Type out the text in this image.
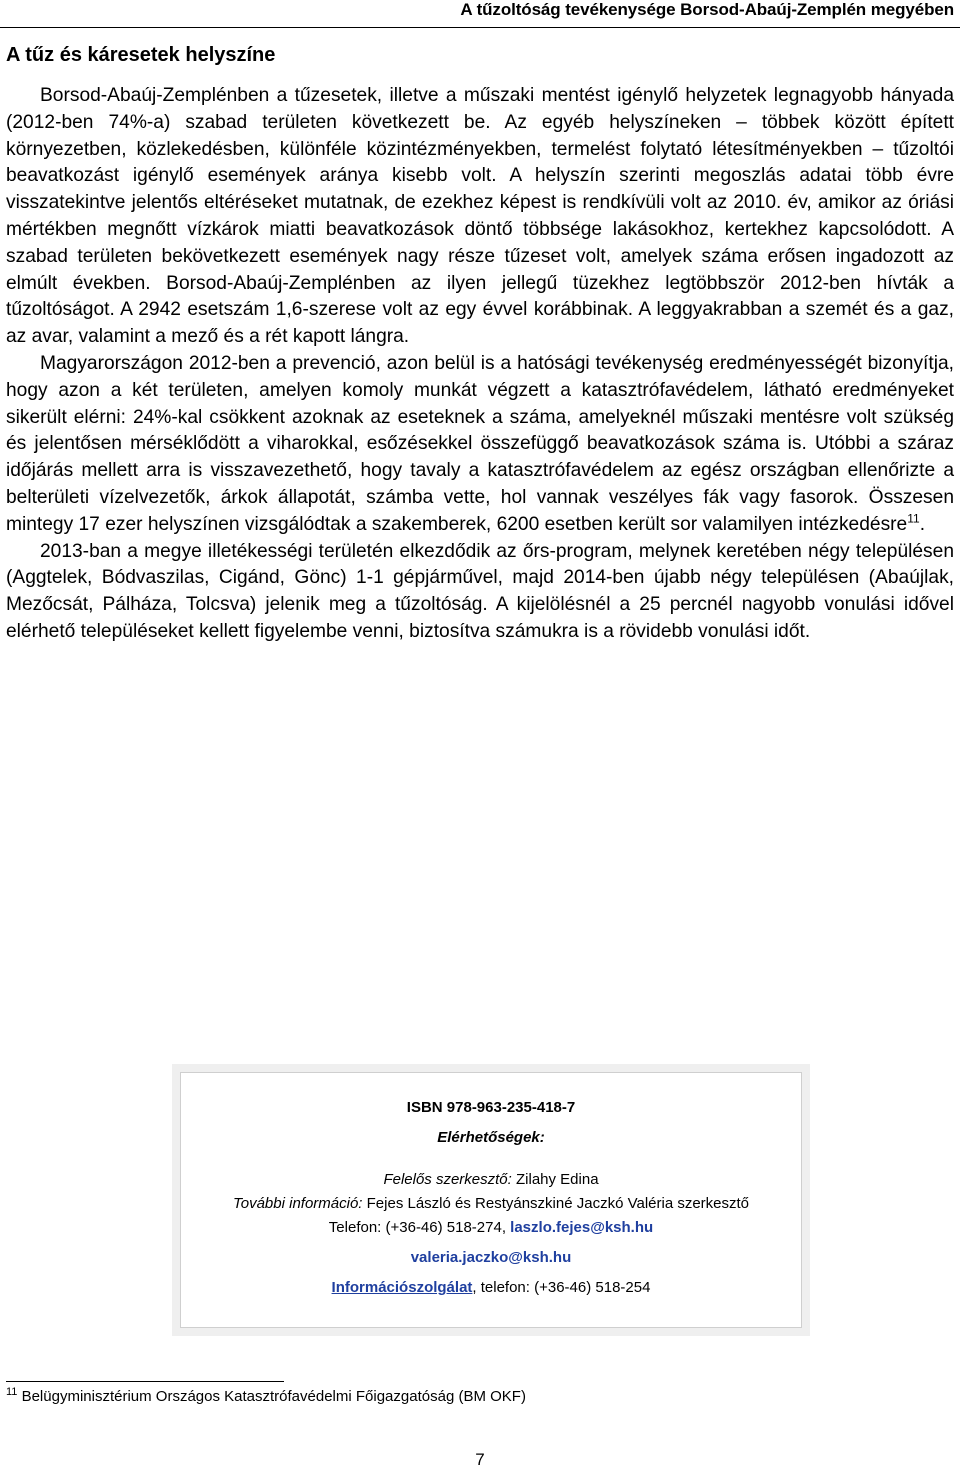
A tűzoltóság tevékenysége Borsod-Abaúj-Zemplén megyében
A tűz és káresetek helyszíne

Borsod-Abaúj-Zemplénben a tűzesetek, illetve a műszaki mentést igénylő helyzetek legnagyobb hányada (2012-ben 74%-a) szabad területen következett be. Az egyéb helyszíneken – többek között épített környezetben, közlekedésben, különféle közintézményekben, termelést folytató létesítményekben – tűzoltói beavatkozást igénylő események aránya kisebb volt. A helyszín szerinti megoszlás adatai több évre visszatekintve jelentős eltéréseket mutatnak, de ezekhez képest is rendkívüli volt az 2010. év, amikor az óriási mértékben megnőtt vízkárok miatti beavatkozások döntő többsége lakásokhoz, kertekhez kapcsolódott. A szabad területen bekövetkezett események nagy része tűzeset volt, amelyek száma erősen ingadozott az elmúlt években. Borsod-Abaúj-Zemplénben az ilyen jellegű tüzekhez legtöbbször 2012-ben hívták a tűzoltóságot. A 2942 esetszám 1,6-szerese volt az egy évvel korábbinak. A leggyakrabban a szemét és a gaz, az avar, valamint a mező és a rét kapott lángra.

Magyarországon 2012-ben a prevenció, azon belül is a hatósági tevékenység eredményességét bizonyítja, hogy azon a két területen, amelyen komoly munkát végzett a katasztrófavédelem, látható eredményeket sikerült elérni: 24%-kal csökkent azoknak az eseteknek a száma, amelyeknél műszaki mentésre volt szükség és jelentősen mérséklődött a viharokkal, esőzésekkel összefüggő beavatkozások száma is. Utóbbi a száraz időjárás mellett arra is visszavezethető, hogy tavaly a katasztrófavédelem az egész országban ellenőrizte a belterületi vízelvezetők, árkok állapotát, számba vette, hol vannak veszélyes fák vagy fasorok. Összesen mintegy 17 ezer helyszínen vizsgálódtak a szakemberek, 6200 esetben került sor valamilyen intézkedésre$^{11}$.

2013-ban a megye illetékességi területén elkezdődik az őrs-program, melynek keretében négy településen (Aggtelek, Bódvaszilas, Cigánd, Gönc) 1-1 gépjárművel, majd 2014-ben újabb négy településen (Abaújlak, Mezőcsát, Pálháza, Tolcsva) jelenik meg a tűzoltóság. A kijelölésnél a 25 percnél nagyobb vonulási idővel elérhető településeket kellett figyelembe venni, biztosítva számukra is a rövidebb vonulási időt.

ISBN 978-963-235-418-7
Elérhetőségek:
Felelős szerkesztő: Zilahy Edina
További információ: Fejes László és Restyánszkiné Jaczkó Valéria szerkesztő
Telefon: (+36-46) 518-274, laszlo.fejes@ksh.hu
valeria.jaczko@ksh.hu
Információszolgálat, telefon: (+36-46) 518-254
$^{11}$ Belügyminisztérium Országos Katasztrófavédelmi Főigazgatóság (BM OKF)
7
